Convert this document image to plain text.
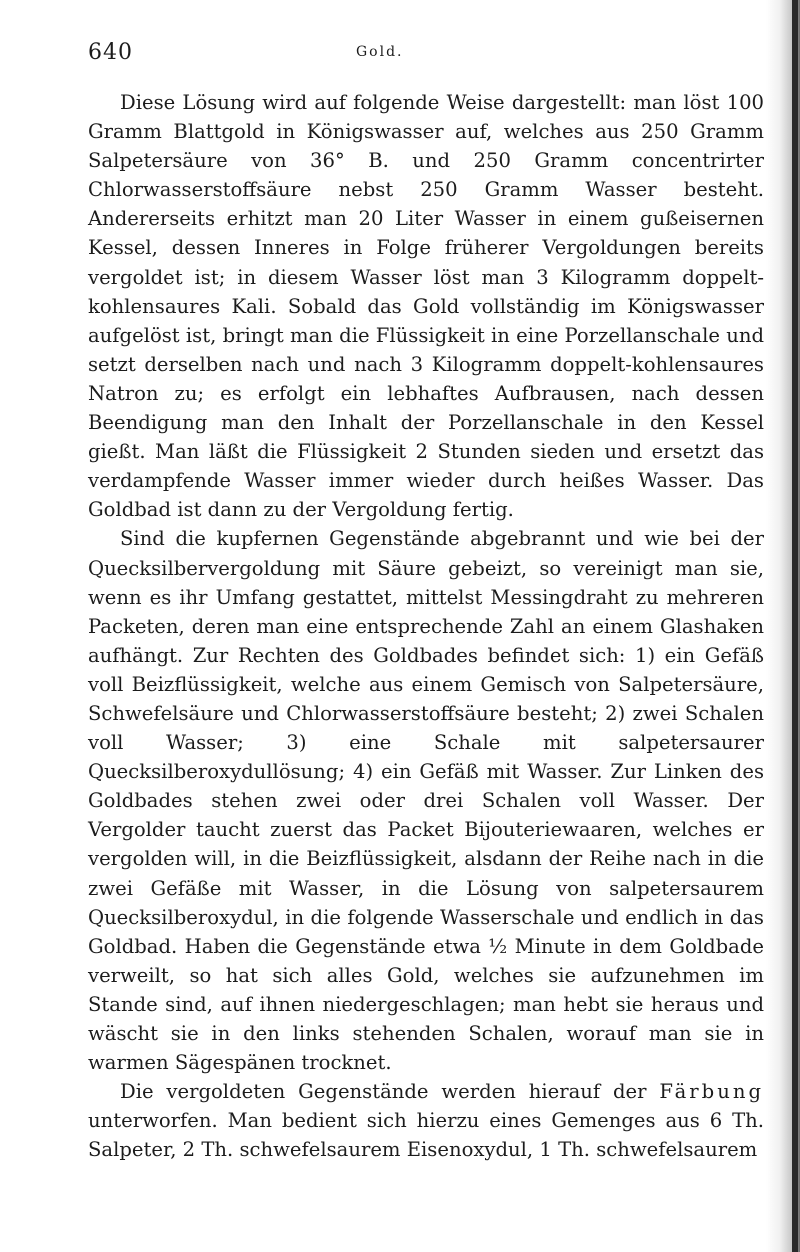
640	Gold.

Diese Lösung wird auf folgende Weise dargestellt: man löst 100 Gramm Blattgold in Königswasser auf, welches aus 250 Gramm Salpetersäure von 36° B. und 250 Gramm concentrirter Chlorwasserstoffsäure nebst 250 Gramm Wasser besteht. Andererseits erhitzt man 20 Liter Wasser in einem gußeisernen Kessel, dessen Inneres in Folge früherer Vergoldungen bereits vergoldet ist; in diesem Wasser löst man 3 Kilogramm doppelt-kohlensaures Kali. Sobald das Gold vollständig im Königswasser aufgelöst ist, bringt man die Flüssigkeit in eine Porzellanschale und setzt derselben nach und nach 3 Kilogramm doppelt-kohlensaures Natron zu; es erfolgt ein lebhaftes Aufbrausen, nach dessen Beendigung man den Inhalt der Porzellanschale in den Kessel gießt. Man läßt die Flüssigkeit 2 Stunden sieden und ersetzt das verdampfende Wasser immer wieder durch heißes Wasser. Das Goldbad ist dann zu der Vergoldung fertig.

Sind die kupfernen Gegenstände abgebrannt und wie bei der Quecksilbervergoldung mit Säure gebeizt, so vereinigt man sie, wenn es ihr Umfang gestattet, mittelst Messingdraht zu mehreren Packeten, deren man eine entsprechende Zahl an einem Glashaken aufhängt. Zur Rechten des Goldbades befindet sich: 1) ein Gefäß voll Beizflüssigkeit, welche aus einem Gemisch von Salpetersäure, Schwefelsäure und Chlorwasserstoffsäure besteht; 2) zwei Schalen voll Wasser; 3) eine Schale mit salpetersaurer Quecksilberoxydullösung; 4) ein Gefäß mit Wasser. Zur Linken des Goldbades stehen zwei oder drei Schalen voll Wasser. Der Vergolder taucht zuerst das Packet Bijouteriewaaren, welches er vergolden will, in die Beizflüssigkeit, alsdann der Reihe nach in die zwei Gefäße mit Wasser, in die Lösung von salpetersaurem Quecksilberoxydul, in die folgende Wasserschale und endlich in das Goldbad. Haben die Gegenstände etwa ½ Minute in dem Goldbade verweilt, so hat sich alles Gold, welches sie aufzunehmen im Stande sind, auf ihnen niedergeschlagen; man hebt sie heraus und wäscht sie in den links stehenden Schalen, worauf man sie in warmen Sägespänen trocknet.

Die vergoldeten Gegenstände werden hierauf der Färbung unterworfen. Man bedient sich hierzu eines Gemenges aus 6 Th. Salpeter, 2 Th. schwefelsaurem Eisenoxydul, 1 Th. schwefelsaurem
